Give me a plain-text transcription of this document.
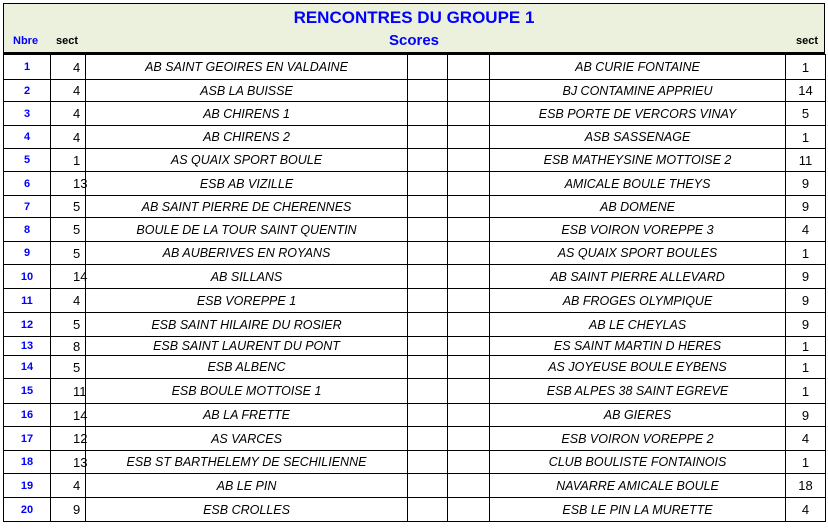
RENCONTRES DU GROUPE 1
Nbre sect	Scores	sect
1	4	AB SAINT GEOIRES EN VALDAINE			AB CURIE FONTAINE	1
2	4	ASB LA BUISSE			BJ CONTAMINE APPRIEU	14
3	4	AB CHIRENS 1			ESB PORTE DE VERCORS VINAY	5
4	4	AB CHIRENS 2			ASB SASSENAGE	1
5	1	AS QUAIX SPORT BOULE			ESB MATHEYSINE MOTTOISE 2	11
6	13	ESB AB VIZILLE			AMICALE BOULE THEYS	9
7	5	AB SAINT PIERRE DE CHERENNES			AB DOMENE	9
8	5	BOULE DE LA TOUR SAINT QUENTIN			ESB VOIRON VOREPPE 3	4
9	5	AB AUBERIVES EN ROYANS			AS QUAIX SPORT BOULES	1
10	14	AB SILLANS			AB SAINT PIERRE ALLEVARD	9
11	4	ESB VOREPPE 1			AB FROGES OLYMPIQUE	9
12	5	ESB SAINT HILAIRE DU ROSIER			AB LE CHEYLAS	9
13	8	ESB SAINT LAURENT DU PONT			ES SAINT MARTIN D HERES	1
14	5	ESB ALBENC			AS JOYEUSE BOULE EYBENS	1
15	11	ESB BOULE MOTTOISE 1			ESB ALPES 38 SAINT EGREVE	1
16	14	AB LA FRETTE			AB GIERES	9
17	12	AS VARCES			ESB VOIRON VOREPPE 2	4
18	13	ESB ST BARTHELEMY DE SECHILIENNE			CLUB BOULISTE FONTAINOIS	1
19	4	AB LE PIN			NAVARRE AMICALE BOULE	18
20	9	ESB CROLLES			ESB LE PIN LA MURETTE	4
